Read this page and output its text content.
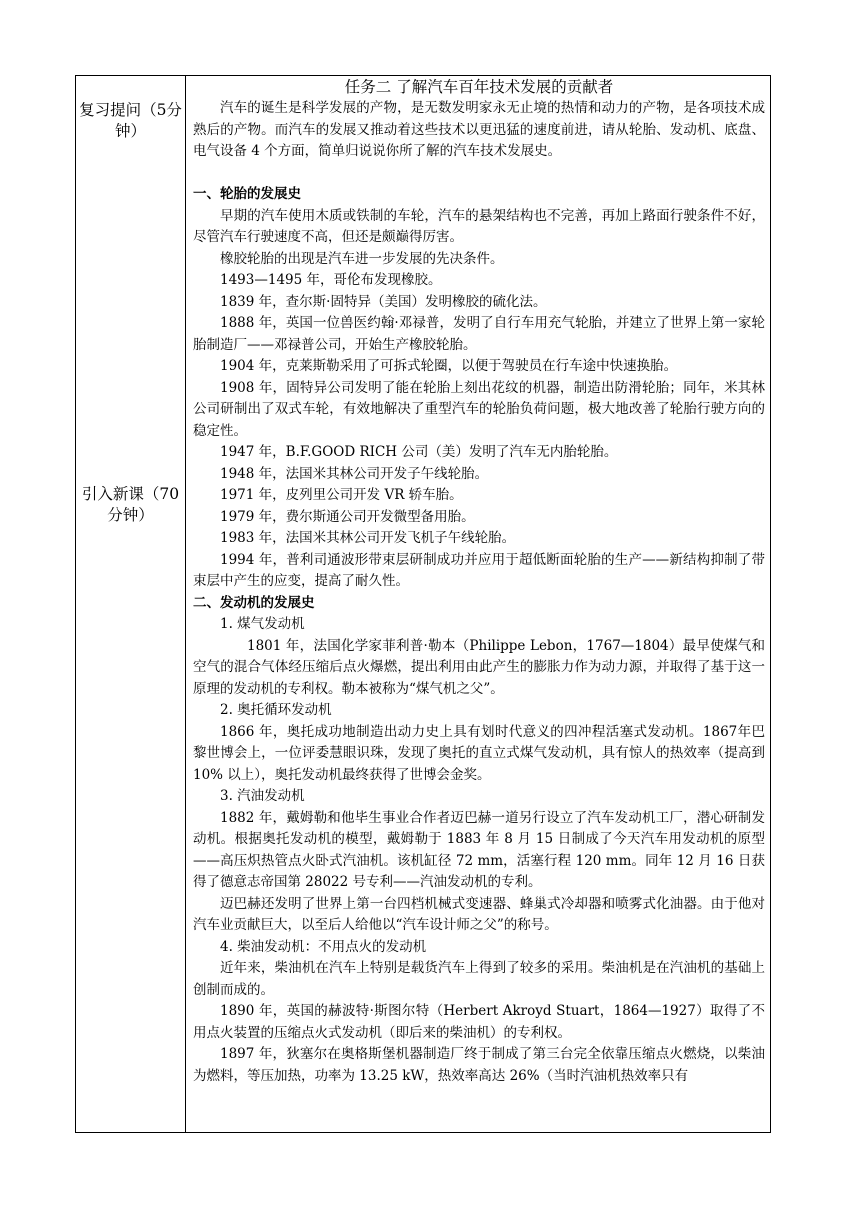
复习提问（5分钟）
引入新课（70分钟）
任务二 了解汽车百年技术发展的贡献者

汽车的诞生是科学发展的产物，是无数发明家永无止境的热情和动力的产物，是各项技术成熟后的产物。而汽车的发展又推动着这些技术以更迅猛的速度前进，请从轮胎、发动机、底盘、电气设备 4 个方面，简单归说说你所了解的汽车技术发展史。

一、轮胎的发展史

早期的汽车使用木质或铁制的车轮，汽车的悬架结构也不完善，再加上路面行驶条件不好，尽管汽车行驶速度不高，但还是颇巅得厉害。

橡胶轮胎的出现是汽车进一步发展的先决条件。

1493—1495 年，哥伦布发现橡胶。

1839 年，查尔斯·固特异（美国）发明橡胶的硫化法。

1888 年，英国一位兽医约翰·邓禄普，发明了自行车用充气轮胎，并建立了世界上第一家轮胎制造厂——邓禄普公司，开始生产橡胶轮胎。

1904 年，克莱斯勒采用了可拆式轮圈，以便于驾驶员在行车途中快速换胎。

1908 年，固特异公司发明了能在轮胎上刻出花纹的机器，制造出防滑轮胎；同年，米其林公司研制出了双式车轮，有效地解决了重型汽车的轮胎负荷问题，极大地改善了轮胎行驶方向的稳定性。

1947 年，B.F.GOOD RICH 公司（美）发明了汽车无内胎轮胎。

1948 年，法国米其林公司开发子午线轮胎。

1971 年，皮列里公司开发 VR 轿车胎。

1979 年，费尔斯通公司开发微型备用胎。

1983 年，法国米其林公司开发飞机子午线轮胎。

1994 年，普利司通波形带束层研制成功并应用于超低断面轮胎的生产——新结构抑制了带束层中产生的应变，提高了耐久性。

二、发动机的发展史

1. 煤气发动机

1801 年，法国化学家菲利普·勒本（Philippe Lebon，1767—1804）最早使煤气和空气的混合气体经压缩后点火爆燃，提出利用由此产生的膨胀力作为动力源，并取得了基于这一原理的发动机的专利权。勒本被称为“煤气机之父”。

2. 奥托循环发动机

1866 年，奥托成功地制造出动力史上具有划时代意义的四冲程活塞式发动机。1867年巴黎世博会上，一位评委慧眼识珠，发现了奥托的直立式煤气发动机，具有惊人的热效率（提高到 10% 以上），奥托发动机最终获得了世博会金奖。

3. 汽油发动机

1882 年，戴姆勒和他毕生事业合作者迈巴赫一道另行设立了汽车发动机工厂，潜心研制发动机。根据奥托发动机的模型，戴姆勒于 1883 年 8 月 15 日制成了今天汽车用发动机的原型——高压炽热管点火卧式汽油机。该机缸径 72 mm，活塞行程 120 mm。同年 12 月 16 日获得了德意志帝国第 28022 号专利——汽油发动机的专利。

迈巴赫还发明了世界上第一台四档机械式变速器、蜂巢式冷却器和喷雾式化油器。由于他对汽车业贡献巨大，以至后人给他以“汽车设计师之父”的称号。

4. 柴油发动机：不用点火的发动机

近年来，柴油机在汽车上特别是载货汽车上得到了较多的采用。柴油机是在汽油机的基础上创制而成的。

1890 年，英国的赫波特·斯图尔特（Herbert Akroyd Stuart，1864—1927）取得了不用点火装置的压缩点火式发动机（即后来的柴油机）的专利权。

1897 年，狄塞尔在奥格斯堡机器制造厂终于制成了第三台完全依靠压缩点火燃烧，以柴油为燃料，等压加热，功率为 13.25 kW，热效率高达 26%（当时汽油机热效率只有
